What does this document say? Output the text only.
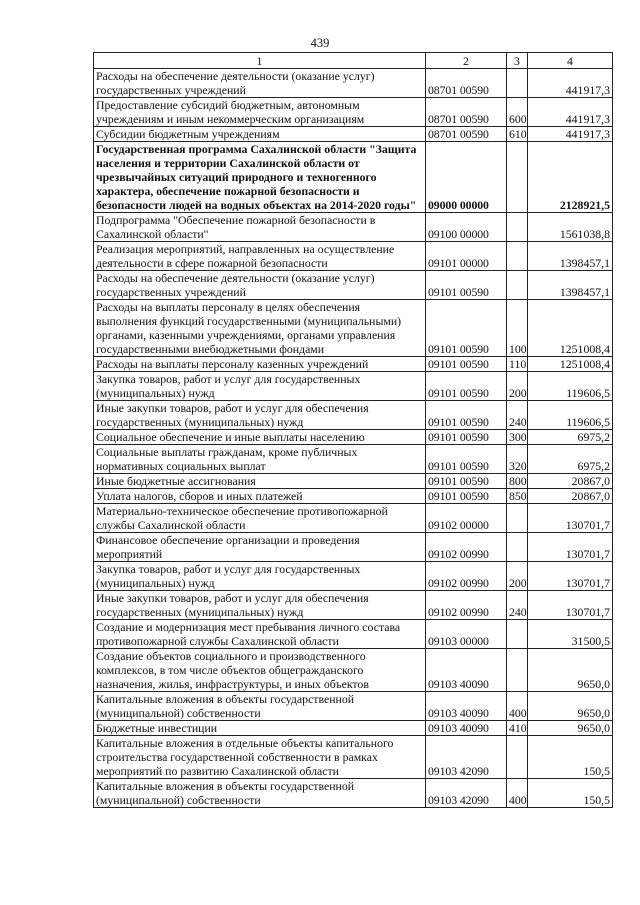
439
1	2	3	4
Расходы на обеспечение деятельности (оказание услуг) государственных учреждений	08701 00590		441917,3
Предоставление субсидий бюджетным, автономным учреждениям и иным некоммерческим организациям	08701 00590	600	441917,3
Субсидии бюджетным учреждениям	08701 00590	610	441917,3
Государственная программа Сахалинской области "Защита населения и территории Сахалинской области от чрезвычайных ситуаций природного и техногенного характера, обеспечение пожарной безопасности и безопасности людей на водных объектах на 2014-2020 годы"	09000 00000		2128921,5
Подпрограмма "Обеспечение пожарной безопасности в Сахалинской области"	09100 00000		1561038,8
Реализация мероприятий, направленных на осуществление деятельности в сфере пожарной безопасности	09101 00000		1398457,1
Расходы на обеспечение деятельности (оказание услуг) государственных учреждений	09101 00590		1398457,1
Расходы на выплаты персоналу в целях обеспечения выполнения функций государственными (муниципальными) органами, казенными учреждениями, органами управления государственными внебюджетными фондами	09101 00590	100	1251008,4
Расходы на выплаты персоналу казенных учреждений	09101 00590	110	1251008,4
Закупка товаров, работ и услуг для государственных (муниципальных) нужд	09101 00590	200	119606,5
Иные закупки товаров, работ и услуг для обеспечения государственных (муниципальных) нужд	09101 00590	240	119606,5
Социальное обеспечение и иные выплаты населению	09101 00590	300	6975,2
Социальные выплаты гражданам, кроме публичных нормативных социальных выплат	09101 00590	320	6975,2
Иные бюджетные ассигнования	09101 00590	800	20867,0
Уплата налогов, сборов и иных платежей	09101 00590	850	20867,0
Материально-техническое обеспечение противопожарной службы Сахалинской области	09102 00000		130701,7
Финансовое обеспечение организации и проведения мероприятий	09102 00990		130701,7
Закупка товаров, работ и услуг для государственных (муниципальных) нужд	09102 00990	200	130701,7
Иные закупки товаров, работ и услуг для обеспечения государственных (муниципальных) нужд	09102 00990	240	130701,7
Создание и модернизация мест пребывания личного состава противопожарной службы Сахалинской области	09103 00000		31500,5
Создание объектов социального и производственного комплексов, в том числе объектов общегражданского назначения, жилья, инфраструктуры, и иных объектов	09103 40090		9650,0
Капитальные вложения в объекты государственной (муниципальной) собственности	09103 40090	400	9650,0
Бюджетные инвестиции	09103 40090	410	9650,0
Капитальные вложения в отдельные объекты капитального строительства государственной собственности в рамках мероприятий по развитию Сахалинской области	09103 42090		150,5
Капитальные вложения в объекты государственной (муниципальной) собственности	09103 42090	400	150,5
